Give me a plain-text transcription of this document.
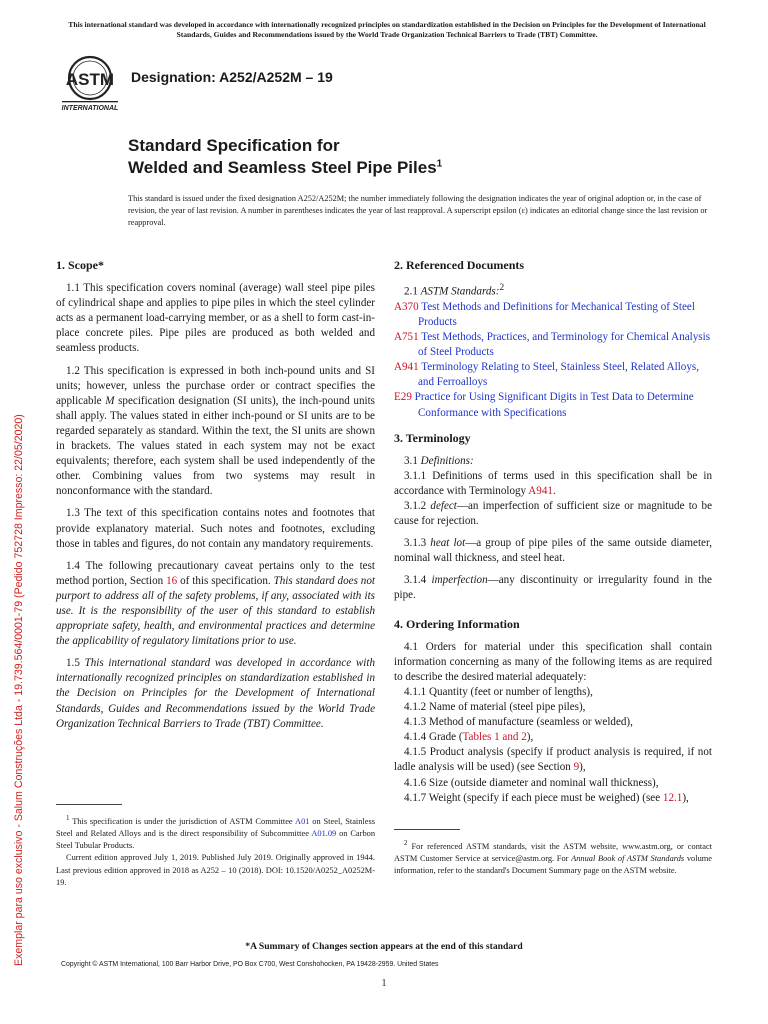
This international standard was developed in accordance with internationally recognized principles on standardization established in the Decision on Principles for the Development of International Standards, Guides and Recommendations issued by the World Trade Organization Technical Barriers to Trade (TBT) Committee.
ASTM
INTERNATIONAL
Designation: A252/A252M – 19
Standard Specification for
Welded and Seamless Steel Pipe Piles$^1$
This standard is issued under the fixed designation A252/A252M; the number immediately following the designation indicates the year of original adoption or, in the case of revision, the year of last revision. A number in parentheses indicates the year of last reapproval. A superscript epsilon (ε) indicates an editorial change since the last revision or reapproval.

1. Scope*

1.1 This specification covers nominal (average) wall steel pipe piles of cylindrical shape and applies to pipe piles in which the steel cylinder acts as a permanent load-carrying member, or as a shell to form cast-in-place concrete piles. Pipe piles are produced as both welded and seamless products.

1.2 This specification is expressed in both inch-pound units and SI units; however, unless the purchase order or contract specifies the applicable M specification designation (SI units), the inch-pound units shall apply. The values stated in either inch-pound or SI units are to be regarded separately as standard. Within the text, the SI units are shown in brackets. The values stated in each system may not be exact equivalents; therefore, each system shall be used independently of the other. Combining values from two systems may result in nonconformance with the standard.

1.3 The text of this specification contains notes and footnotes that provide explanatory material. Such notes and footnotes, excluding those in tables and figures, do not contain any mandatory requirements.

1.4 The following precautionary caveat pertains only to the test method portion, Section 16 of this specification. This standard does not purport to address all of the safety problems, if any, associated with its use. It is the responsibility of the user of this standard to establish appropriate safety, health, and environmental practices and determine the applicability of regulatory limitations prior to use.

1.5 This international standard was developed in accordance with internationally recognized principles on standardization established in the Decision on Principles for the Development of International Standards, Guides and Recommendations issued by the World Trade Organization Technical Barriers to Trade (TBT) Committee.

$^1$ This specification is under the jurisdiction of ASTM Committee A01 on Steel, Stainless Steel and Related Alloys and is the direct responsibility of Subcommittee A01.09 on Carbon Steel Tubular Products.

Current edition approved July 1, 2019. Published July 2019. Originally approved in 1944. Last previous edition approved in 2018 as A252 – 10 (2018). DOI: 10.1520/A0252_A0252M-19.

2. Referenced Documents

2.1 ASTM Standards:$^2$

A370 Test Methods and Definitions for Mechanical Testing of Steel Products

A751 Test Methods, Practices, and Terminology for Chemical Analysis of Steel Products

A941 Terminology Relating to Steel, Stainless Steel, Related Alloys, and Ferroalloys

E29 Practice for Using Significant Digits in Test Data to Determine Conformance with Specifications

3. Terminology

3.1 Definitions:

3.1.1 Definitions of terms used in this specification shall be in accordance with Terminology A941.

3.1.2 defect—an imperfection of sufficient size or magnitude to be cause for rejection.

3.1.3 heat lot—a group of pipe piles of the same outside diameter, nominal wall thickness, and steel heat.

3.1.4 imperfection—any discontinuity or irregularity found in the pipe.

4. Ordering Information

4.1 Orders for material under this specification shall contain information concerning as many of the following items as are required to describe the desired material adequately:

4.1.1 Quantity (feet or number of lengths),

4.1.2 Name of material (steel pipe piles),

4.1.3 Method of manufacture (seamless or welded),

4.1.4 Grade (Tables 1 and 2),

4.1.5 Product analysis (specify if product analysis is required, if not ladle analysis will be used) (see Section 9),

4.1.6 Size (outside diameter and nominal wall thickness),

4.1.7 Weight (specify if each piece must be weighed) (see 12.1),

$^2$ For referenced ASTM standards, visit the ASTM website, www.astm.org, or contact ASTM Customer Service at service@astm.org. For Annual Book of ASTM Standards volume information, refer to the standard's Document Summary page on the ASTM website.

*A Summary of Changes section appears at the end of this standard
Copyright © ASTM International, 100 Barr Harbor Drive, PO Box C700, West Conshohocken, PA 19428-2959. United States
1
Exemplar para uso exclusivo - Salum Construções Ltda - 19.739.564/0001-79 (Pedido 752728 Impresso: 22/05/2020)
